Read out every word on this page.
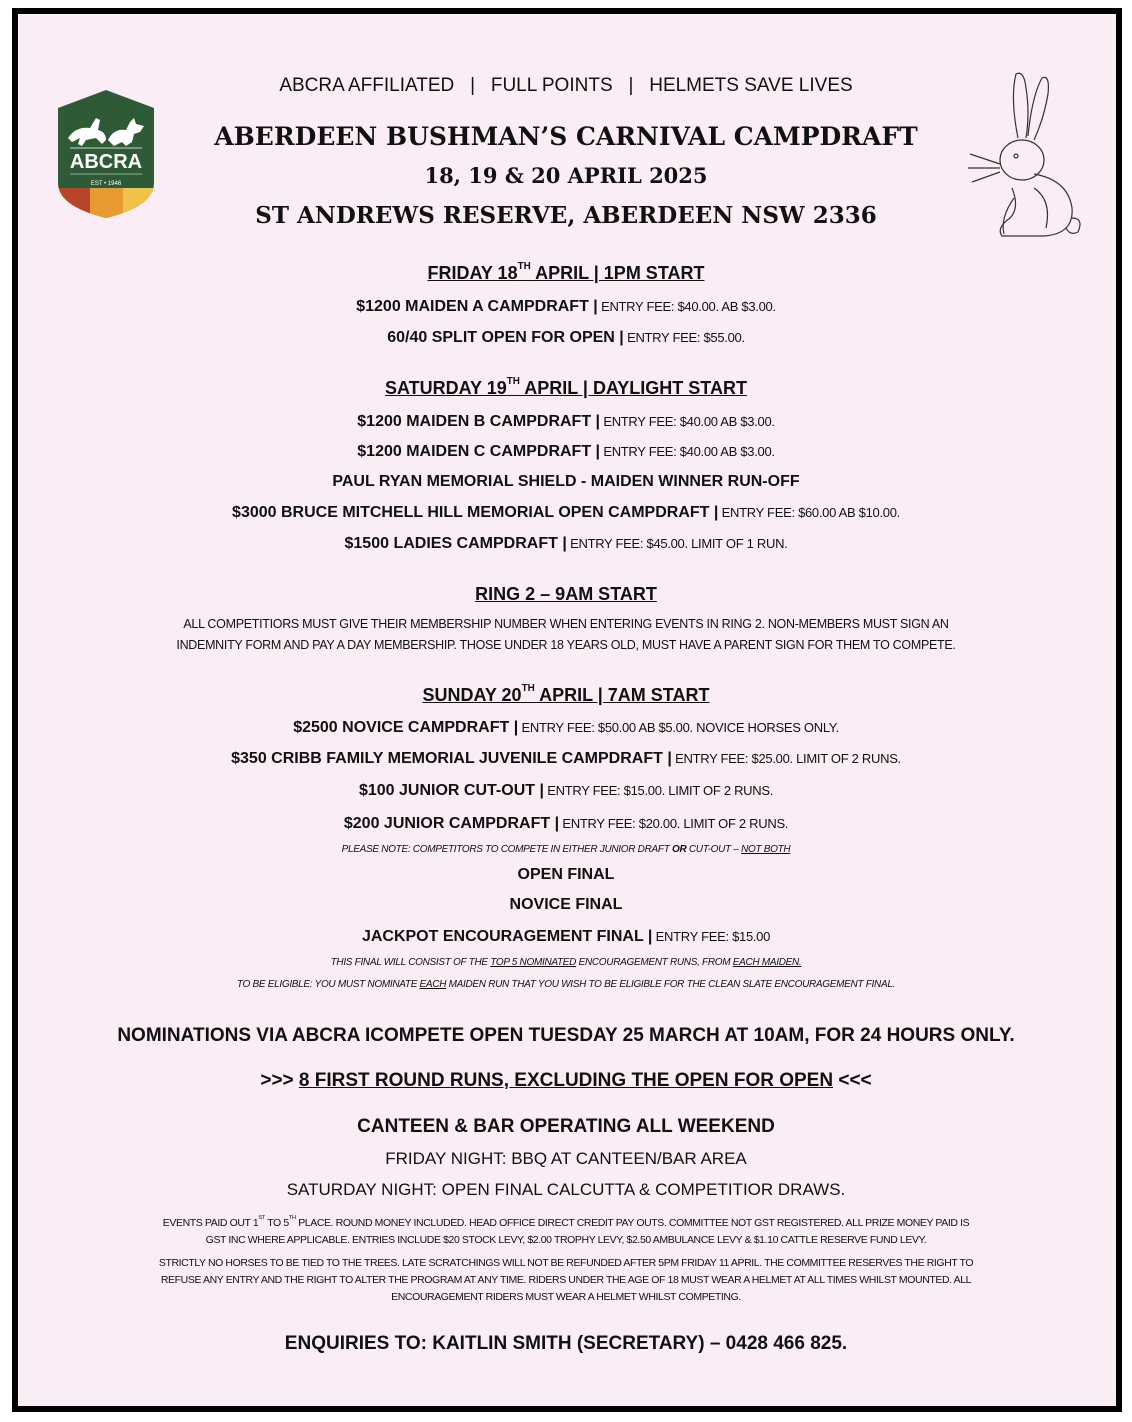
ABCRA
EST • 1946
ABCRA AFFILIATED   |   FULL POINTS   |   HELMETS SAVE LIVES
ABERDEEN BUSHMAN’S CARNIVAL CAMPDRAFT
18, 19 & 20 APRIL 2025
ST ANDREWS RESERVE, ABERDEEN NSW 2336
FRIDAY 18TH APRIL | 1PM START
$1200 MAIDEN A CAMPDRAFT | ENTRY FEE: $40.00. AB $3.00.
60/40 SPLIT OPEN FOR OPEN | ENTRY FEE: $55.00.
SATURDAY 19TH APRIL | DAYLIGHT START
$1200 MAIDEN B CAMPDRAFT | ENTRY FEE: $40.00 AB $3.00.
$1200 MAIDEN C CAMPDRAFT | ENTRY FEE: $40.00 AB $3.00.
PAUL RYAN MEMORIAL SHIELD - MAIDEN WINNER RUN-OFF
$3000 BRUCE MITCHELL HILL MEMORIAL OPEN CAMPDRAFT | ENTRY FEE: $60.00 AB $10.00.
$1500 LADIES CAMPDRAFT | ENTRY FEE: $45.00. LIMIT OF 1 RUN.
RING 2 – 9AM START
ALL COMPETITIORS MUST GIVE THEIR MEMBERSHIP NUMBER WHEN ENTERING EVENTS IN RING 2. NON-MEMBERS MUST SIGN AN
INDEMNITY FORM AND PAY A DAY MEMBERSHIP. THOSE UNDER 18 YEARS OLD, MUST HAVE A PARENT SIGN FOR THEM TO COMPETE.
SUNDAY 20TH APRIL | 7AM START
$2500 NOVICE CAMPDRAFT | ENTRY FEE: $50.00 AB $5.00. NOVICE HORSES ONLY.
$350 CRIBB FAMILY MEMORIAL JUVENILE CAMPDRAFT | ENTRY FEE: $25.00. LIMIT OF 2 RUNS.
$100 JUNIOR CUT-OUT | ENTRY FEE: $15.00. LIMIT OF 2 RUNS.
$200 JUNIOR CAMPDRAFT | ENTRY FEE: $20.00. LIMIT OF 2 RUNS.
PLEASE NOTE: COMPETITORS TO COMPETE IN EITHER JUNIOR DRAFT OR CUT-OUT – NOT BOTH
OPEN FINAL
NOVICE FINAL
JACKPOT ENCOURAGEMENT FINAL | ENTRY FEE: $15.00
THIS FINAL WILL CONSIST OF THE TOP 5 NOMINATED ENCOURAGEMENT RUNS, FROM EACH MAIDEN.
TO BE ELIGIBLE: YOU MUST NOMINATE EACH MAIDEN RUN THAT YOU WISH TO BE ELIGIBLE FOR THE CLEAN SLATE ENCOURAGEMENT FINAL.
NOMINATIONS VIA ABCRA ICOMPETE OPEN TUESDAY 25 MARCH AT 10AM, FOR 24 HOURS ONLY.
>>> 8 FIRST ROUND RUNS, EXCLUDING THE OPEN FOR OPEN <<<
CANTEEN & BAR OPERATING ALL WEEKEND
FRIDAY NIGHT: BBQ AT CANTEEN/BAR AREA
SATURDAY NIGHT: OPEN FINAL CALCUTTA & COMPETITIOR DRAWS.
EVENTS PAID OUT 1ST TO 5TH PLACE. ROUND MONEY INCLUDED. HEAD OFFICE DIRECT CREDIT PAY OUTS. COMMITTEE NOT GST REGISTERED. ALL PRIZE MONEY PAID IS
GST INC WHERE APPLICABLE. ENTRIES INCLUDE $20 STOCK LEVY, $2.00 TROPHY LEVY, $2.50 AMBULANCE LEVY & $1.10 CATTLE RESERVE FUND LEVY.
STRICTLY NO HORSES TO BE TIED TO THE TREES. LATE SCRATCHINGS WILL NOT BE REFUNDED AFTER 5PM FRIDAY 11 APRIL. THE COMMITTEE RESERVES THE RIGHT TO
REFUSE ANY ENTRY AND THE RIGHT TO ALTER THE PROGRAM AT ANY TIME. RIDERS UNDER THE AGE OF 18 MUST WEAR A HELMET AT ALL TIMES WHILST MOUNTED. ALL
ENCOURAGEMENT RIDERS MUST WEAR A HELMET WHILST COMPETING.
ENQUIRIES TO: KAITLIN SMITH (SECRETARY) – 0428 466 825.
